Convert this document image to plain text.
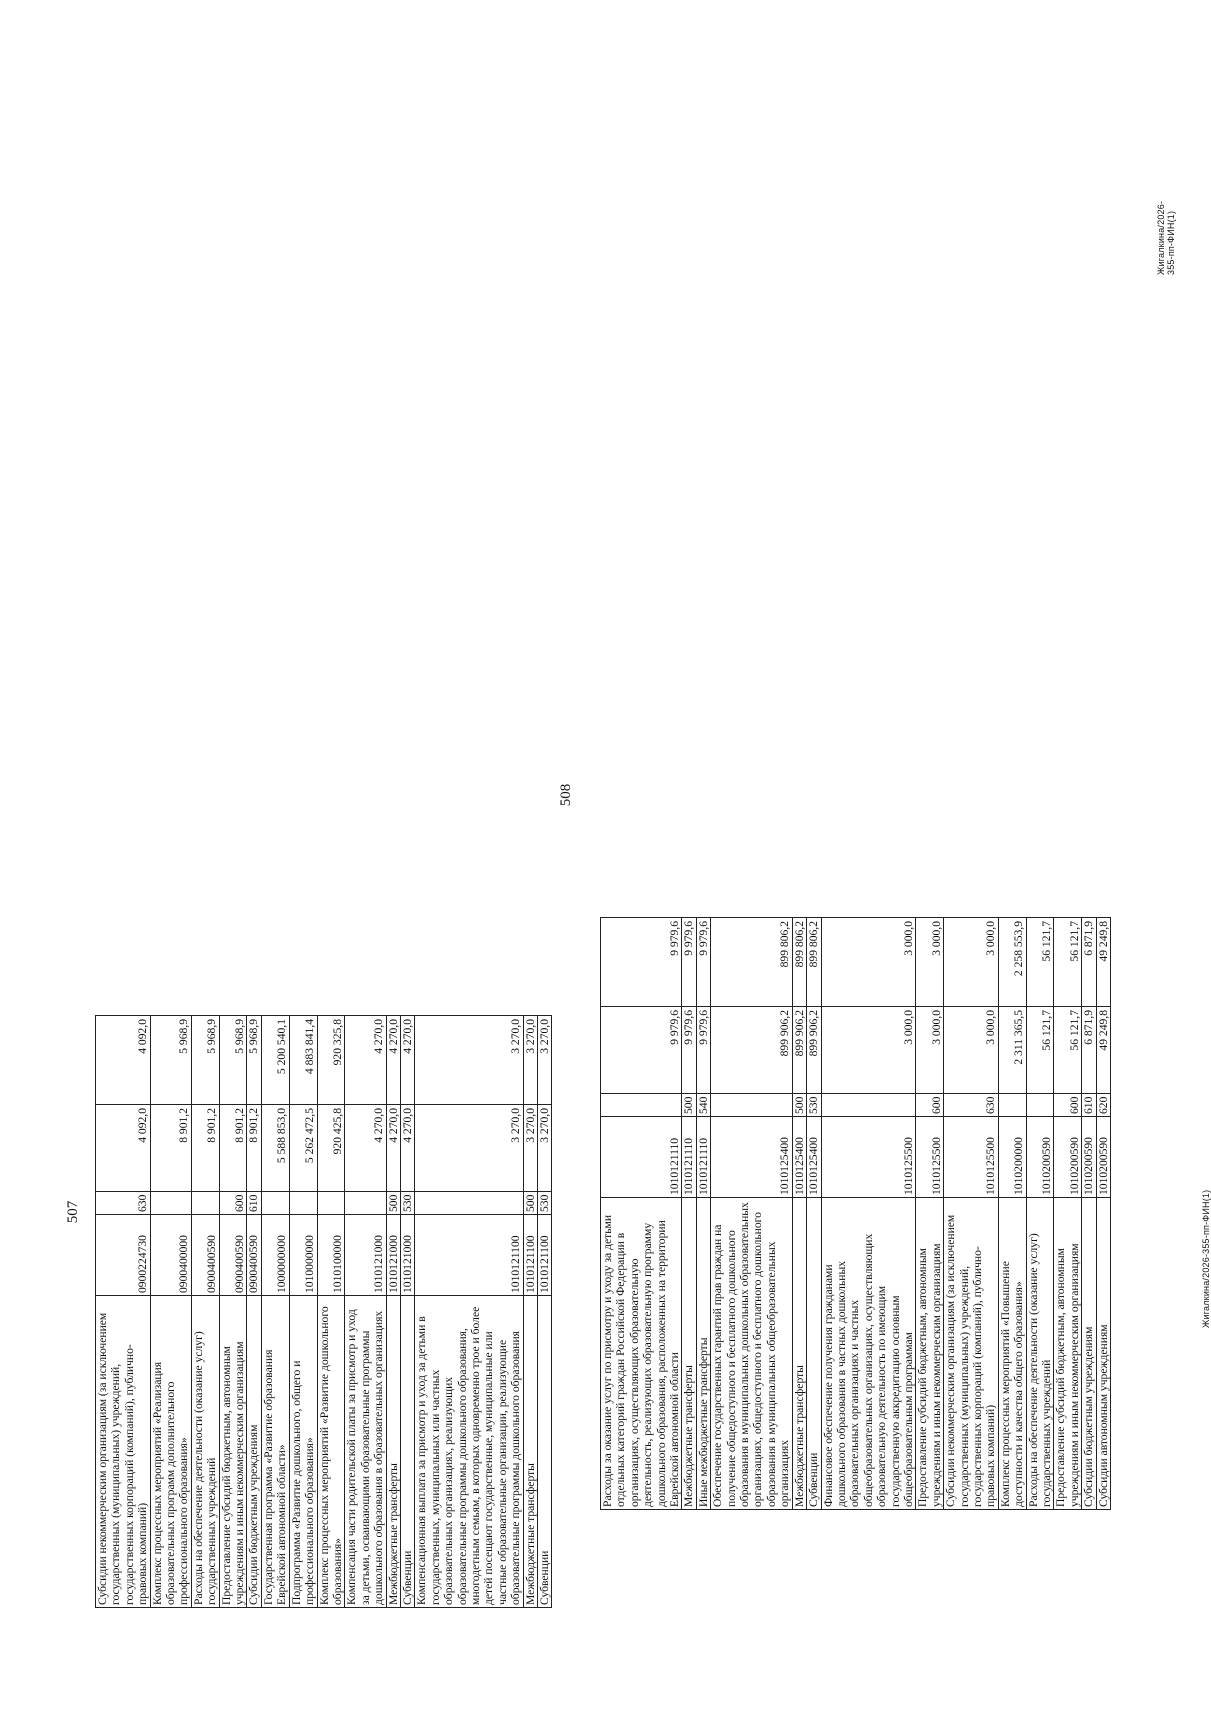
507
Субсидии некоммерческим организациям (за исключением государственных (муниципальных) учреждений, государственных корпораций (компаний), публично-правовых компаний)	0900224730	630	4 092,0	4 092,0
Комплекс процессных мероприятий «Реализация образовательных программ дополнительного профессионального образования»	0900400000		8 901,2	5 968,9
Расходы на обеспечение деятельности (оказание услуг) государственных учреждений	0900400590		8 901,2	5 968,9
Предоставление субсидий бюджетным, автономным учреждениям и иным некоммерческим организациям	0900400590	600	8 901,2	5 968,9
Субсидии бюджетным учреждениям	0900400590	610	8 901,2	5 968,9
Государственная программа «Развитие образования Еврейской автономной области»	1000000000		5 588 853,0	5 200 540,1
Подпрограмма «Развитие дошкольного, общего и профессионального образования»	1010000000		5 262 472,5	4 883 841,4
Комплекс процессных мероприятий «Развитие дошкольного образования»	1010100000		920 425,8	920 325,8
Компенсация части родительской платы за присмотр и уход за детьми, осваивающими образовательные программы дошкольного образования в образовательных организациях	1010121000		4 270,0	4 270,0
Межбюджетные трансферты	1010121000	500	4 270,0	4 270,0
Субвенции	1010121000	530	4 270,0	4 270,0
Компенсационная выплата за присмотр и уход за детьми в государственных, муниципальных или частных образовательных организациях, реализующих образовательные программы дошкольного образования, многодетным семьям, в которых одновременно трое и более детей посещают государственные, муниципальные или частные образовательные организации, реализующие образовательные программы дошкольного образования	1010121100		3 270,0	3 270,0
Межбюджетные трансферты	1010121100	500	3 270,0	3 270,0
Субвенции	1010121100	530	3 270,0	3 270,0
Жигалкина/2026-355-пп-ФИН(1)
508
Расходы за оказание услуг по присмотру и уходу за детьми отдельных категорий граждан Российской Федерации в организациях, осуществляющих образовательную деятельность, реализующих образовательную программу дошкольного образования, расположенных на территории Еврейской автономной области	1010121110		9 979,6	9 979,6
Межбюджетные трансферты	1010121110	500	9 979,6	9 979,6
Иные межбюджетные трансферты	1010121110	540	9 979,6	9 979,6
Обеспечение государственных гарантий прав граждан на получение общедоступного и бесплатного дошкольного образования в муниципальных дошкольных образовательных организациях, общедоступного и бесплатного дошкольного образования в муниципальных общеобразовательных организациях	1010125400		899 906,2	899 806,2
Межбюджетные трансферты	1010125400	500	899 906,2	899 806,2
Субвенции	1010125400	530	899 906,2	899 806,2
Финансовое обеспечение получения гражданами дошкольного образования в частных дошкольных образовательных организациях и частных общеобразовательных организациях, осуществляющих образовательную деятельность по имеющим государственную аккредитацию основным общеобразовательным программам	1010125500		3 000,0	3 000,0
Предоставление субсидий бюджетным, автономным учреждениям и иным некоммерческим организациям	1010125500	600	3 000,0	3 000,0
Субсидии некоммерческим организациям (за исключением государственных (муниципальных) учреждений, государственных корпораций (компаний), публично-правовых компаний)	1010125500	630	3 000,0	3 000,0
Комплекс процессных мероприятий «Повышение доступности и качества общего образования»	1010200000		2 311 365,5	2 258 553,9
Расходы на обеспечение деятельности (оказание услуг) государственных учреждений	1010200590		56 121,7	56 121,7
Предоставление субсидий бюджетным, автономным учреждениям и иным некоммерческим организациям	1010200590	600	56 121,7	56 121,7
Субсидии бюджетным учреждениям	1010200590	610	6 871,9	6 871,9
Субсидии автономным учреждениям	1010200590	620	49 249,8	49 249,8
Жигалкина/2026-355-пп-ФИН(1)
